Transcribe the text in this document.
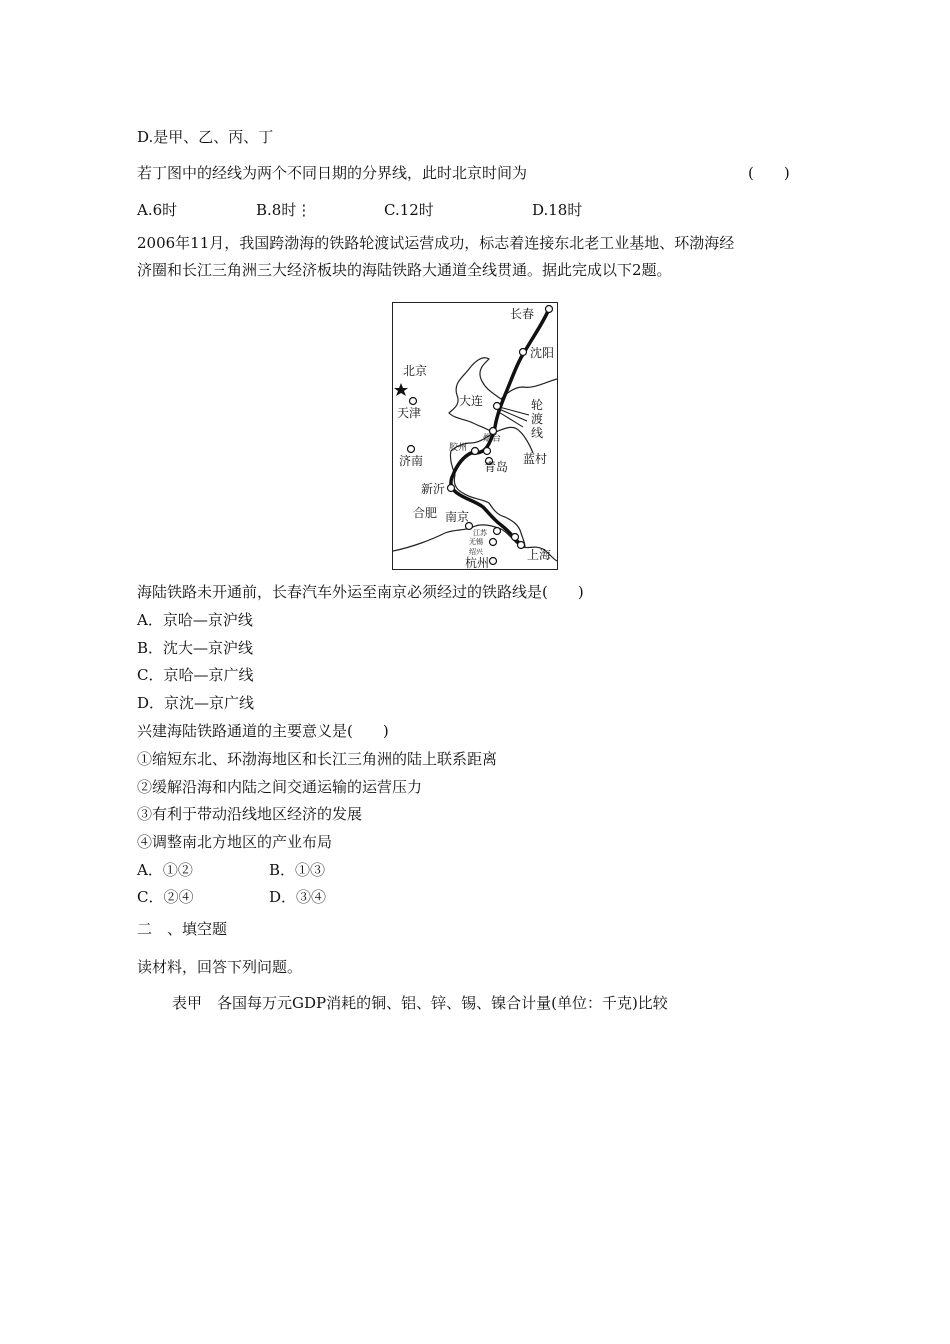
D.是甲、乙、丙、丁
若丁图中的经线为两个不同日期的分界线，此时北京时间为	(　　)
A.6时	B.8时⋮	C.12时	D.18时
2006年11月，我国跨渤海的铁路轮渡试运营成功，标志着连接东北老工业基地、环渤海经
济圈和长江三角洲三大经济板块的海陆铁路大通道全线贯通。据此完成以下2题。
长春
沈阳
北京
天津
大连	轮
渡
线
烟台
胶州
蓝村
青岛
济南
新沂
合肥 南京
江苏
无锡
绍兴
杭州
上海
海陆铁路未开通前，长春汽车外运至南京必须经过的铁路线是(　　)
A．京哈—京沪线
B．沈大—京沪线
C．京哈—京广线
D．京沈—京广线
兴建海陆铁路通道的主要意义是(　　)
①缩短东北、环渤海地区和长江三角洲的陆上联系距离
②缓解沿海和内陆之间交通运输的运营压力
③有利于带动沿线地区经济的发展
④调整南北方地区的产业布局
A．①②	B．①③
C．②④	D．③④
二　、填空题
读材料，回答下列问题。
表甲　各国每万元GDP消耗的铜、铝、锌、锡、镍合计量(单位：千克)比较
